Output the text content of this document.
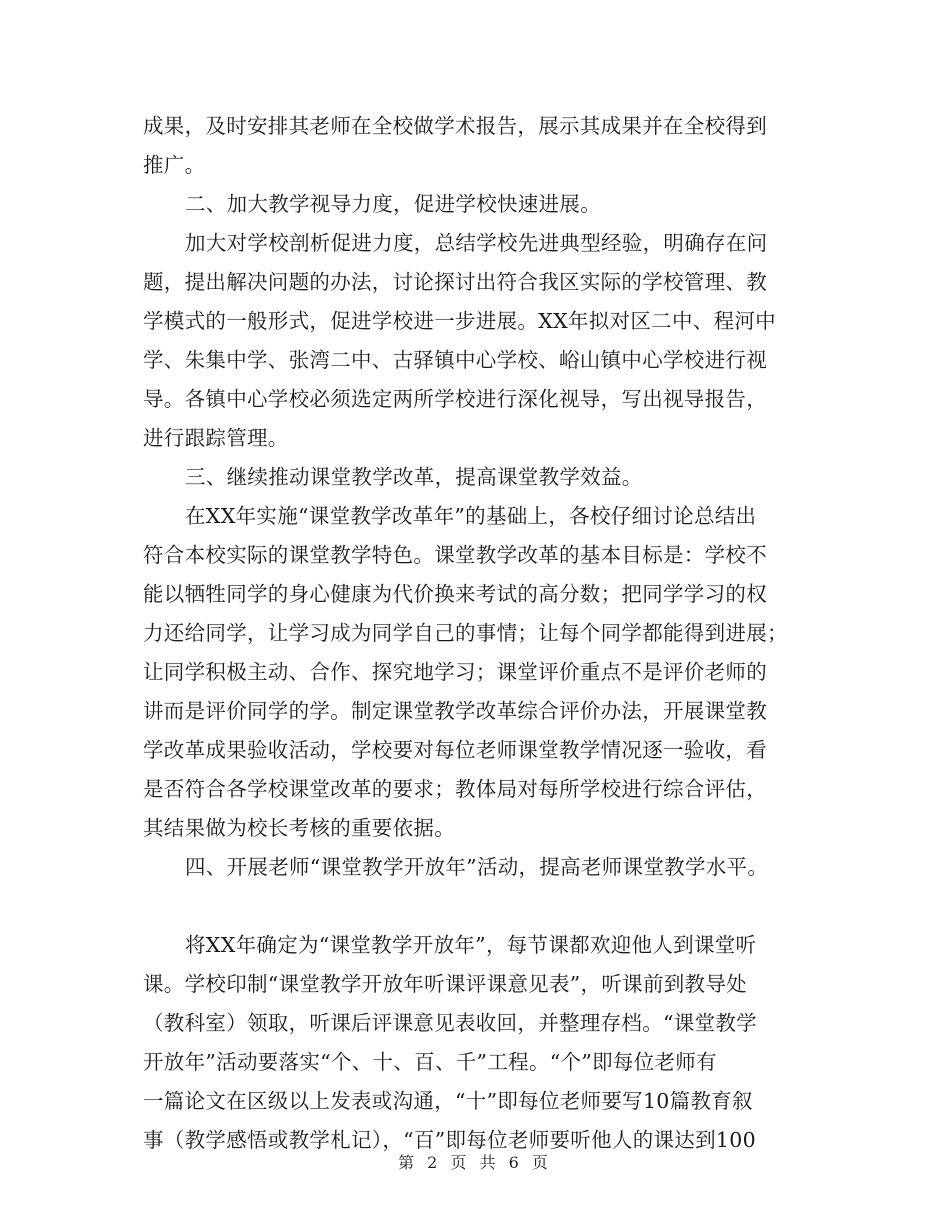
成果，及时安排其老师在全校做学术报告，展示其成果并在全校得到
推广。
二、加大教学视导力度，促进学校快速进展。
加大对学校剖析促进力度，总结学校先进典型经验，明确存在问
题，提出解决问题的办法，讨论探讨出符合我区实际的学校管理、教
学模式的一般形式，促进学校进一步进展。XX年拟对区二中、程河中
学、朱集中学、张湾二中、古驿镇中心学校、峪山镇中心学校进行视
导。各镇中心学校必须选定两所学校进行深化视导，写出视导报告，
进行跟踪管理。
三、继续推动课堂教学改革，提高课堂教学效益。
在XX年实施“课堂教学改革年”的基础上，各校仔细讨论总结出
符合本校实际的课堂教学特色。课堂教学改革的基本目标是：学校不
能以牺牲同学的身心健康为代价换来考试的高分数；把同学学习的权
力还给同学，让学习成为同学自己的事情；让每个同学都能得到进展；
让同学积极主动、合作、探究地学习；课堂评价重点不是评价老师的
讲而是评价同学的学。制定课堂教学改革综合评价办法，开展课堂教
学改革成果验收活动，学校要对每位老师课堂教学情况逐一验收，看
是否符合各学校课堂改革的要求；教体局对每所学校进行综合评估，
其结果做为校长考核的重要依据。
四、开展老师“课堂教学开放年”活动，提高老师课堂教学水平。
将XX年确定为“课堂教学开放年”，每节课都欢迎他人到课堂听
课。学校印制“课堂教学开放年听课评课意见表”，听课前到教导处
（教科室）领取，听课后评课意见表收回，并整理存档。“课堂教学
开放年”活动要落实“个、十、百、千”工程。“个”即每位老师有
一篇论文在区级以上发表或沟通，“十”即每位老师要写10篇教育叙
事（教学感悟或教学札记），“百”即每位老师要听他人的课达到100
第 2 页 共 6 页
